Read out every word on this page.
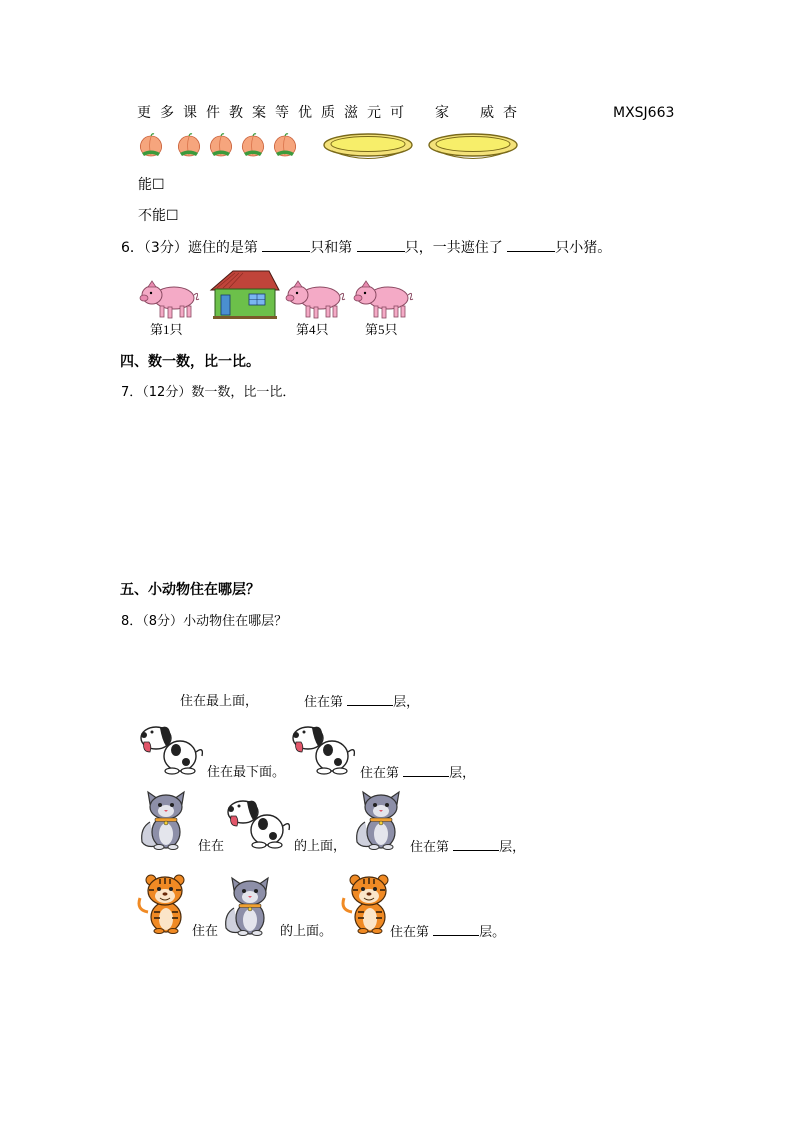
更 多 课 件 教 案 等 优 质 滋 元 可 家 威 杏	MXSJ663
能☐
不能☐
6．（3分）遮住的是第	只和第	只，一共遮住了	只小猪。
第1只	第4只	第5只
四、数一数，比一比。
7．（12分）数一数，比一比．
五、小动物住在哪层？
8．（8分）小动物住在哪层？
住在最上面，	住在第	层，
住在最下面。	住在第	层，
住在	的上面，	住在第	层，
住在	的上面。	住在第	层。
